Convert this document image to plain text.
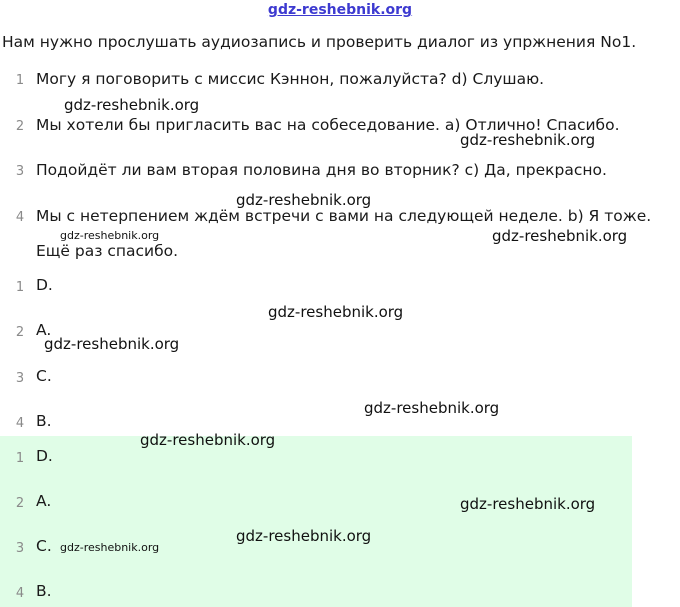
gdz-reshebnik.org
Нам нужно прослушать аудиозапись и проверить диалог из упржнения No1.
1 Могу я поговорить с миссис Кэннон, пожалуйста? d) Слушаю.
2 Мы хотели бы пригласить вас на собеседование. a) Отлично! Спасибо.
3 Подойдёт ли вам вторая половина дня во вторник? c) Да, прекрасно.
4 Мы с нетерпением ждём встречи с вами на следующей неделе. b) Я тоже.
Ещё раз спасибо.
1 D.
2 A.
3 C.
4 B.
1 D.
2 A.
3 C.
4 B.
gdz-reshebnik.org
gdz-reshebnik.org
gdz-reshebnik.org
gdz-reshebnik.org	gdz-reshebnik.org
gdz-reshebnik.org
gdz-reshebnik.org
gdz-reshebnik.org
gdz-reshebnik.org
gdz-reshebnik.org
gdz-reshebnik.org
gdz-reshebnik.org
